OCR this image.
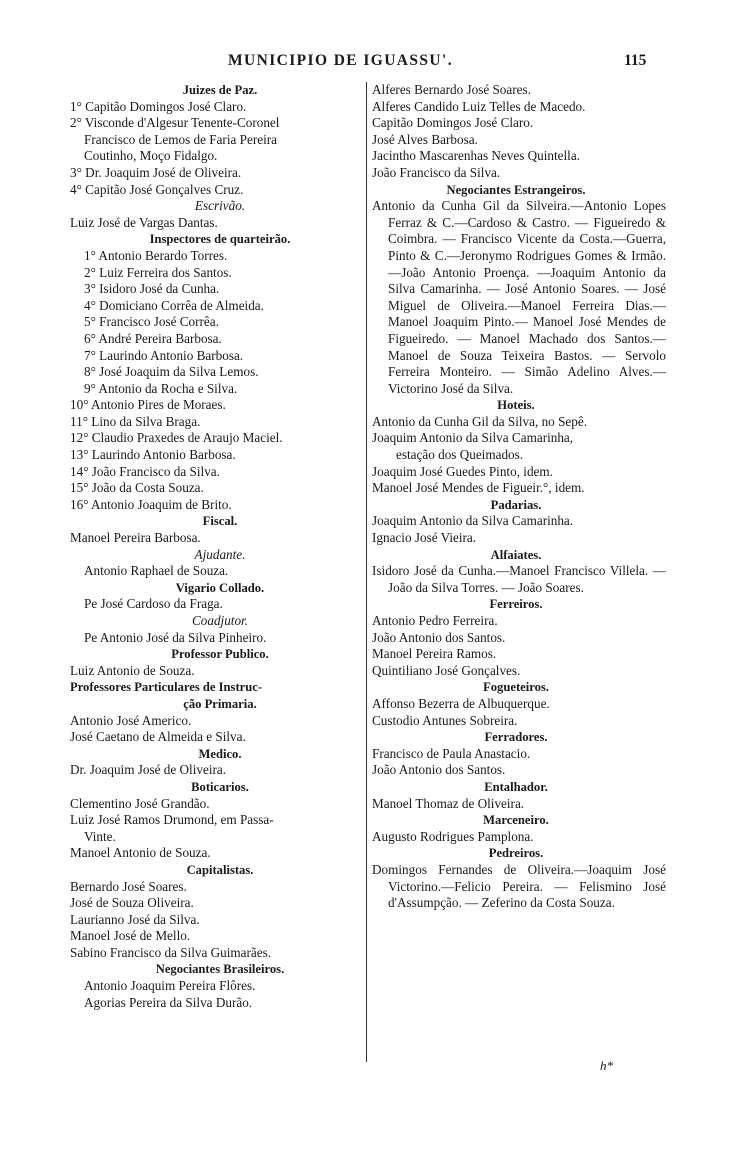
MUNICIPIO DE IGUASSU'.	115
Juizes de Paz.
1° Capitão Domingos José Claro.
2° Visconde d'Algesur Tenente-Coronel
Francisco de Lemos de Faria Pereira
Coutinho, Moço Fidalgo.
3° Dr. Joaquim José de Oliveira.
4° Capitão José Gonçalves Cruz.
Escrivão.
Luiz José de Vargas Dantas.
Inspectores de quarteirão.
1° Antonio Berardo Torres.
2° Luiz Ferreira dos Santos.
3° Isidoro José da Cunha.
4° Domiciano Corrêa de Almeida.
5° Francisco José Corrêa.
6° André Pereira Barbosa.
7° Laurindo Antonio Barbosa.
8° José Joaquim da Silva Lemos.
9° Antonio da Rocha e Silva.
10° Antonio Pires de Moraes.
11° Lino da Silva Braga.
12° Claudio Praxedes de Araujo Maciel.
13° Laurindo Antonio Barbosa.
14° João Francisco da Silva.
15° João da Costa Souza.
16° Antonio Joaquim de Brito.
Fiscal.
Manoel Pereira Barbosa.
Ajudante.
Antonio Raphael de Souza.
Vigario Collado.
Pe José Cardoso da Fraga.
Coadjutor.
Pe Antonio José da Silva Pinheiro.
Professor Publico.
Luiz Antonio de Souza.
Professores Particulares de Instruc-
ção Primaria.
Antonio José Americo.
José Caetano de Almeida e Silva.
Medico.
Dr. Joaquim José de Oliveira.
Boticarios.
Clementino José Grandão.
Luiz José Ramos Drumond, em Passa-
Vinte.
Manoel Antonio de Souza.
Capitalistas.
Bernardo José Soares.
José de Souza Oliveira.
Laurianno José da Silva.
Manoel José de Mello.
Sabino Francisco da Silva Guimarães.
Negociantes Brasileiros.
Antonio Joaquim Pereira Flôres.
Agorias Pereira da Silva Durão.
Alferes Bernardo José Soares.
Alferes Candido Luiz Telles de Macedo.
Capitão Domingos José Claro.
José Alves Barbosa.
Jacintho Mascarenhas Neves Quintella.
João Francisco da Silva.
Negociantes Estrangeiros.
Antonio da Cunha Gil da Silveira.—Antonio Lopes Ferraz & C.—Cardoso & Castro. — Figueiredo & Coimbra. — Francisco Vicente da Costa.—Guerra, Pinto & C.—Jeronymo Rodrigues Gomes & Irmão.—João Antonio Proença. —Joaquim Antonio da Silva Camarinha. — José Antonio Soares. — José Miguel de Oliveira.—Manoel Ferreira Dias.— Manoel Joaquim Pinto.— Manoel José Mendes de Figueiredo. — Manoel Machado dos Santos.—Manoel de Souza Teixeira Bastos. — Servolo Ferreira Monteiro. — Simão Adelino Alves.— Victorino José da Silva.
Hoteis.
Antonio da Cunha Gil da Silva, no Sepê.
Joaquim Antonio da Silva Camarinha,
estação dos Queimados.
Joaquim José Guedes Pinto, idem.
Manoel José Mendes de Figueir.°, idem.
Padarias.
Joaquim Antonio da Silva Camarinha.
Ignacio José Vieira.
Alfaiates.
Isidoro José da Cunha.—Manoel Francisco Villela. — João da Silva Torres. — João Soares.
Ferreiros.
Antonio Pedro Ferreira.
João Antonio dos Santos.
Manoel Pereira Ramos.
Quintiliano José Gonçalves.
Fogueteiros.
Affonso Bezerra de Albuquerque.
Custodio Antunes Sobreira.
Ferradores.
Francisco de Paula Anastacio.
João Antonio dos Santos.
Entalhador.
Manoel Thomaz de Oliveira.
Marceneiro.
Augusto Rodrigues Pamplona.
Pedreiros.
Domingos Fernandes de Oliveira.—Joaquim José Victorino.—Felicio Pereira. — Felismino José d'Assumpção. — Zeferino da Costa Souza.
h*
